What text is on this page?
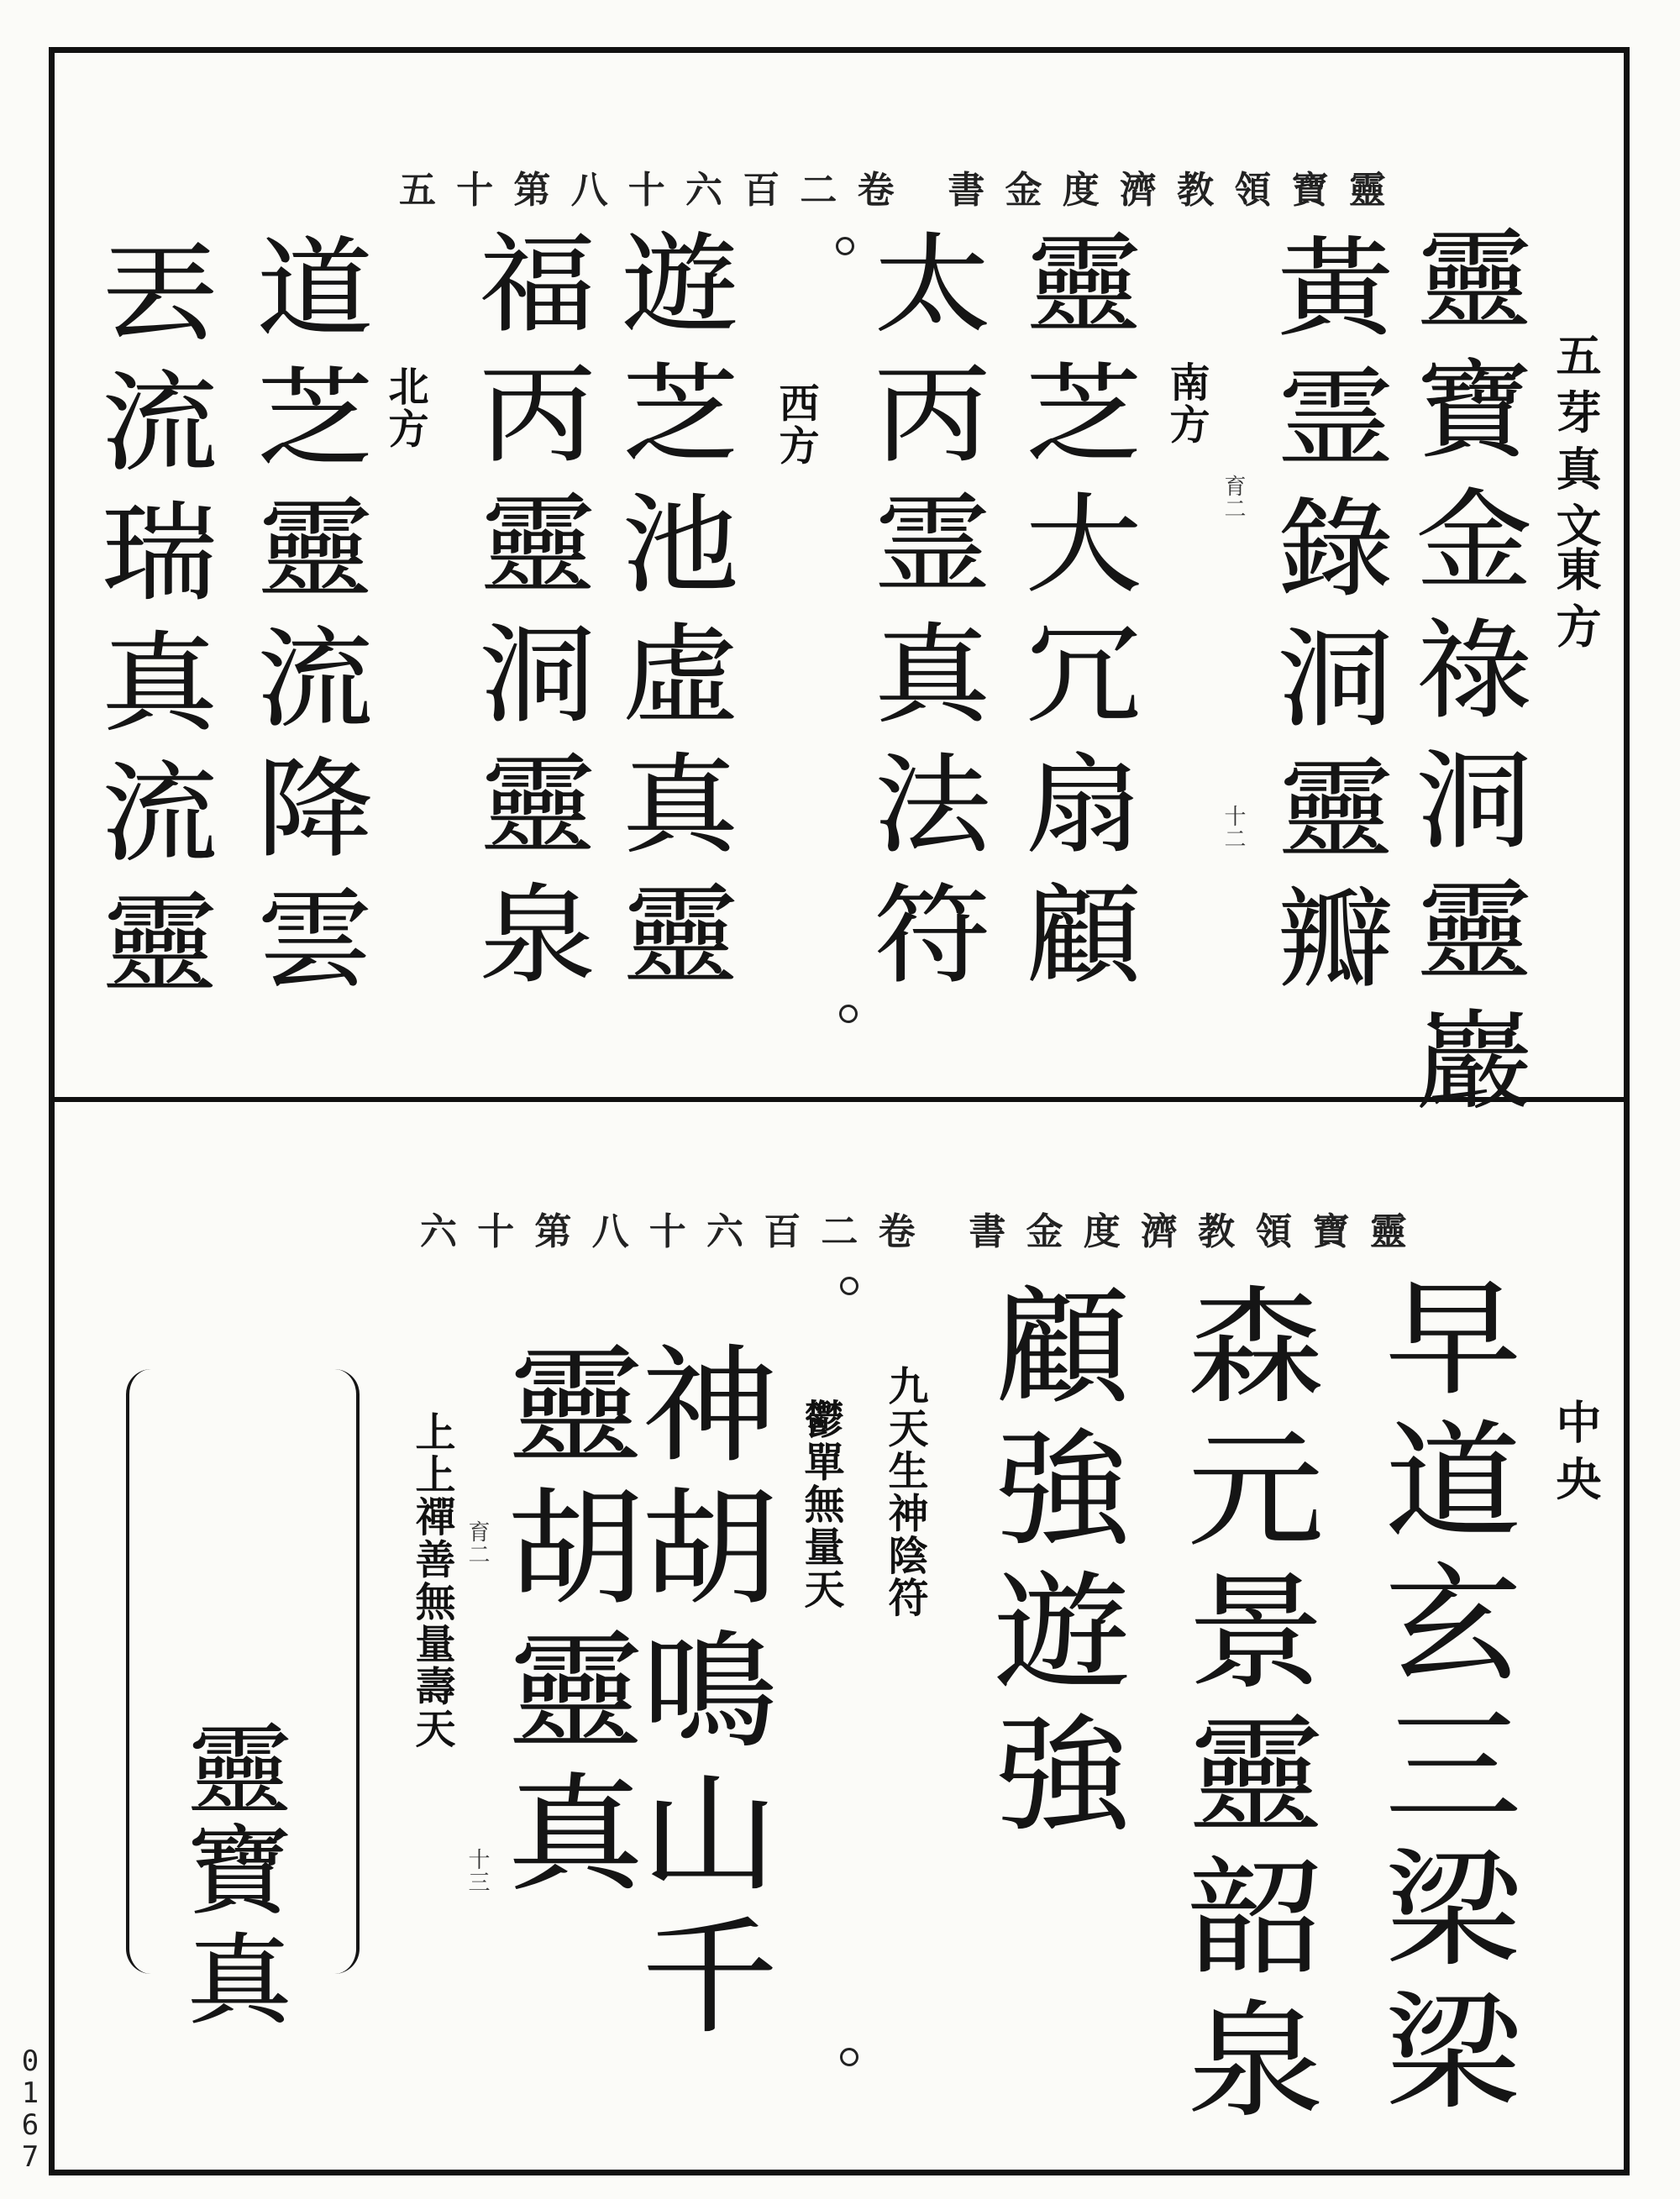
0
1
6
7
五十第八十六百二卷 書金度濟教領寶靈
五芽真文
東方
南方
西方
北方
育二
十二
靈
寶
金
祿
洞
靈
巖
黃
霊
錄
洞
靈
瓣
靈
芝
大
冗
扇
顧
太
丙
霊
真
法
符
遊
芝
池
虛
真
靈
福
丙
靈
洞
靈
泉
道
芝
靈
流
降
雲
丟
流
瑞
真
流
靈
六十第八十六百二卷 書金度濟教領寶靈
中央
九天生神陰符
鬱單無量天
上上禪善無量壽天 育二
十三
早
道
玄
三
梁
梁
森
元
景
靈
韶
泉
顧
強
遊
強
神
胡
鳴
山
千
靈
胡
靈
真
靈
寶
真
